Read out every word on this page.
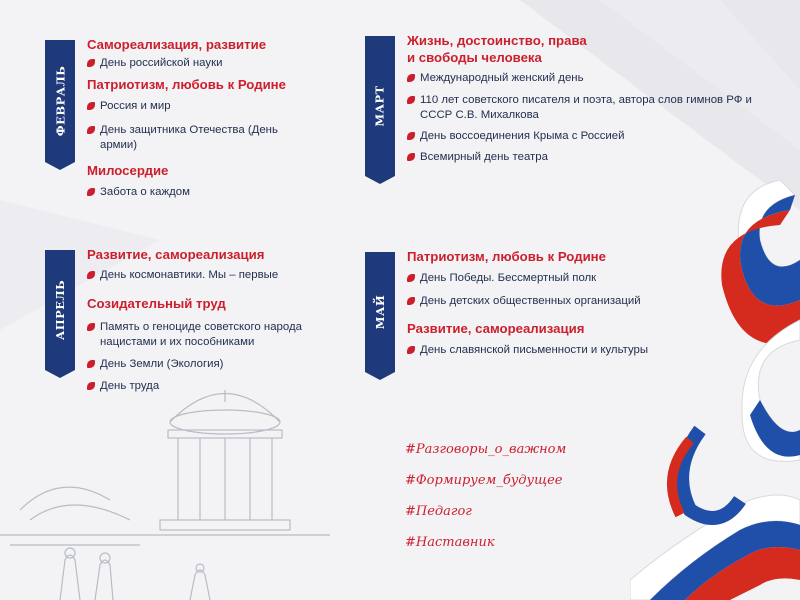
ФЕВРАЛЬ
Самореализация, развитие
День российской науки
Патриотизм, любовь к Родине
Россия и мир
День защитника Отечества (День армии)
Милосердие
Забота о каждом
МАРТ
Жизнь, достоинство, права и свободы человека
Международный женский день
110 лет советского писателя и поэта, автора слов гимнов РФ и СССР С.В. Михалкова
День воссоединения Крыма с Россией
Всемирный день театра
АПРЕЛЬ
Развитие, самореализация
День космонавтики. Мы – первые
Созидательный труд
Память о геноциде советского народа нацистами и их пособниками
День Земли (Экология)
День труда
МАЙ
Патриотизм, любовь к Родине
День Победы. Бессмертный полк
День детских общественных организаций
Развитие, самореализация
День славянской письменности и культуры
#Разговоры_о_важном
#Формируем_будущее
#Педагог
#Наставник
